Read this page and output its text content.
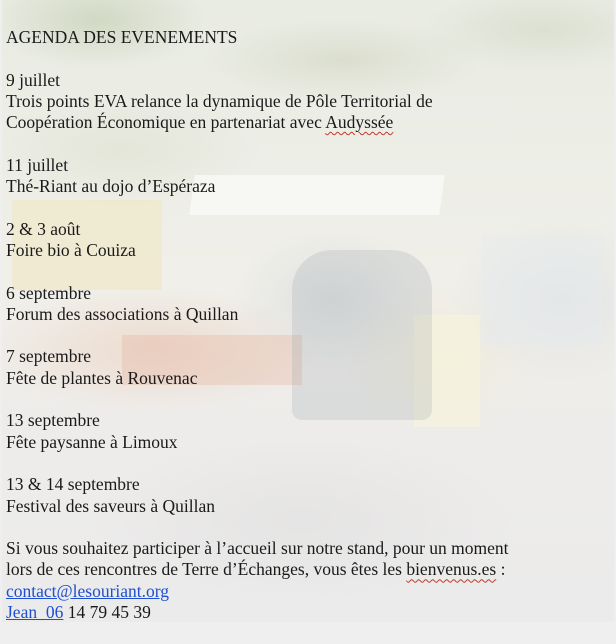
AGENDA DES EVENEMENTS

9 juillet

Trois points EVA relance la dynamique de Pôle Territorial de

Coopération Économique en partenariat avec Audyssée

11 juillet

Thé-Riant au dojo d’Espéraza

2 & 3 août

Foire bio à Couiza

6 septembre

Forum des associations à Quillan

7 septembre

Fête de plantes à Rouvenac

13 septembre

Fête paysanne à Limoux

13 & 14 septembre

Festival des saveurs à Quillan

Si vous souhaitez participer à l’accueil sur notre stand, pour un moment

lors de ces rencontres de Terre d’Échanges, vous êtes les bienvenus.es :

contact@lesouriant.org

Jean  06 14 79 45 39
